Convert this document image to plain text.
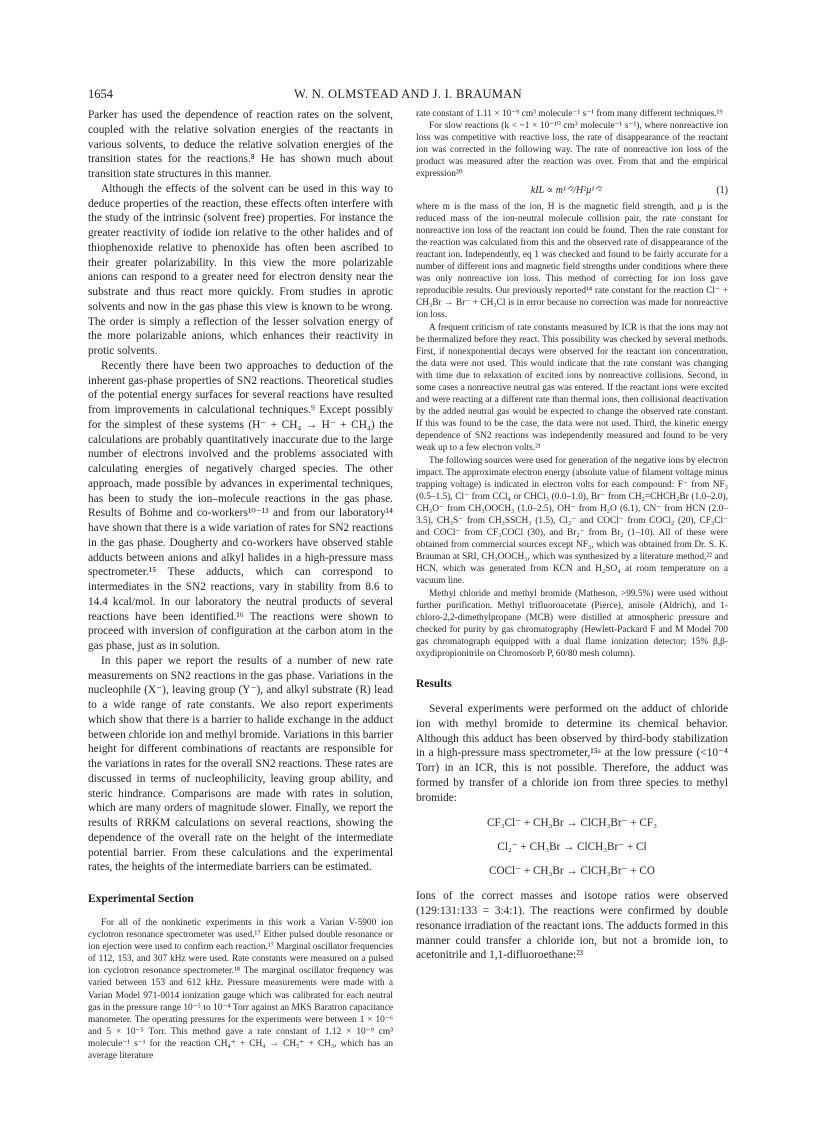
1654	W. N. OLMSTEAD AND J. I. BRAUMAN

Parker has used the dependence of reaction rates on the solvent, coupled with the relative solvation energies of the reactants in various solvents, to deduce the relative solvation energies of the transition states for the reactions.⁸ He has shown much about transition state structures in this manner.

Although the effects of the solvent can be used in this way to deduce properties of the reaction, these effects often interfere with the study of the intrinsic (solvent free) properties. For instance the greater reactivity of iodide ion relative to the other halides and of thiophenoxide relative to phenoxide has often been ascribed to their greater polarizability. In this view the more polarizable anions can respond to a greater need for electron density near the substrate and thus react more quickly. From studies in aprotic solvents and now in the gas phase this view is known to be wrong. The order is simply a reflection of the lesser solvation energy of the more polarizable anions, which enhances their reactivity in protic solvents.

Recently there have been two approaches to deduction of the inherent gas-phase properties of SN2 reactions. Theoretical studies of the potential energy surfaces for several reactions have resulted from improvements in calculational techniques.⁹ Except possibly for the simplest of these systems (H⁻ + CH₄ → H⁻ + CH₄) the calculations are probably quantitatively inaccurate due to the large number of electrons involved and the problems associated with calculating energies of negatively charged species. The other approach, made possible by advances in experimental techniques, has been to study the ion–molecule reactions in the gas phase. Results of Bohme and co-workers¹⁰⁻¹³ and from our laboratory¹⁴ have shown that there is a wide variation of rates for SN2 reactions in the gas phase. Dougherty and co-workers have observed stable adducts between anions and alkyl halides in a high-pressure mass spectrometer.¹⁵ These adducts, which can correspond to intermediates in the SN2 reactions, vary in stability from 8.6 to 14.4 kcal/mol. In our laboratory the neutral products of several reactions have been identified.¹⁶ The reactions were shown to proceed with inversion of configuration at the carbon atom in the gas phase, just as in solution.

In this paper we report the results of a number of new rate measurements on SN2 reactions in the gas phase. Variations in the nucleophile (X⁻), leaving group (Y⁻), and alkyl substrate (R) lead to a wide range of rate constants. We also report experiments which show that there is a barrier to halide exchange in the adduct between chloride ion and methyl bromide. Variations in this barrier height for different combinations of reactants are responsible for the variations in rates for the overall SN2 reactions. These rates are discussed in terms of nucleophilicity, leaving group ability, and steric hindrance. Comparisons are made with rates in solution, which are many orders of magnitude slower. Finally, we report the results of RRKM calculations on several reactions, showing the dependence of the overall rate on the height of the intermediate potential barrier. From these calculations and the experimental rates, the heights of the intermediate barriers can be estimated.

Experimental Section

For all of the nonkinetic experiments in this work a Varian V-5900 ion cyclotron resonance spectrometer was used.¹⁷ Either pulsed double resonance or ion ejection were used to confirm each reaction.¹⁷ Marginal oscillator frequencies of 112, 153, and 307 kHz were used. Rate constants were measured on a pulsed ion cyclotron resonance spectrometer.¹⁸ The marginal oscillator frequency was varied between 153 and 612 kHz. Pressure measurements were made with a Varian Model 971-0014 ionization gauge which was calibrated for each neutral gas in the pressure range 10⁻⁵ to 10⁻⁴ Torr against an MKS Baratron capacitance manometer. The operating pressures for the experiments were between 1 × 10⁻⁶ and 5 × 10⁻⁵ Torr. This method gave a rate constant of 1.12 × 10⁻⁹ cm³ molecule⁻¹ s⁻¹ for the reaction CH₄⁺ + CH₄ → CH₅⁺ + CH₃, which has an average literature

rate constant of 1.11 × 10⁻⁹ cm³ molecule⁻¹ s⁻¹ from many different techniques.¹⁹

For slow reactions (k < ~1 × 10⁻¹⁰ cm³ molecule⁻¹ s⁻¹), where nonreactive ion loss was competitive with reactive loss, the rate of disappearance of the reactant ion was corrected in the following way. The rate of nonreactive ion loss of the product was measured after the reaction was over. From that and the empirical expression²⁰

kIL ∝ m¹ᐟ²/H²μ¹ᐟ²	(1)

where m is the mass of the ion, H is the magnetic field strength, and μ is the reduced mass of the ion-neutral molecule collision pair, the rate constant for nonreactive ion loss of the reactant ion could be found. Then the rate constant for the reaction was calculated from this and the observed rate of disappearance of the reactant ion. Independently, eq 1 was checked and found to be fairly accurate for a number of different ions and magnetic field strengths under conditions where there was only nonreactive ion loss. This method of correcting for ion loss gave reproducible results. Our previously reported¹⁴ rate constant for the reaction Cl⁻ + CH₃Br → Br⁻ + CH₃Cl is in error because no correction was made for nonreactive ion loss.

A frequent criticism of rate constants measured by ICR is that the ions may not be thermalized before they react. This possibility was checked by several methods. First, if nonexponential decays were observed for the reactant ion concentration, the data were not used. This would indicate that the rate constant was changing with time due to relaxation of excited ions by nonreactive collisions. Second, in some cases a nonreactive neutral gas was entered. If the reactant ions were excited and were reacting at a different rate than thermal ions, then collisional deactivation by the added neutral gas would be expected to change the observed rate constant. If this was found to be the case, the data were not used. Third, the kinetic energy dependence of SN2 reactions was independently measured and found to be very weak up to a few electron volts.²¹

The following sources were used for generation of the negative ions by electron impact. The approximate electron energy (absolute value of filament voltage minus trapping voltage) is indicated in electron volts for each compound: F⁻ from NF₃ (0.5–1.5), Cl⁻ from CCl₄ or CHCl₃ (0.0–1.0), Br⁻ from CH₂=CHCH₂Br (1.0–2.0), CH₃O⁻ from CH₃OOCH₃ (1.0–2.5), OH⁻ from H₂O (6.1), CN⁻ from HCN (2.0–3.5), CH₃S⁻ from CH₃SSCH₃ (1.5), Cl₂⁻ and COCl⁻ from COCl₂ (20), CF₃Cl⁻ and COCl⁻ from CF₃COCl (30), and Br₂⁻ from Br₂ (1–10). All of these were obtained from commercial sources except NF₃, which was obtained from Dr. S. K. Brauman at SRI, CH₃OOCH₃, which was synthesized by a literature method,²² and HCN, which was generated from KCN and H₂SO₄ at room temperature on a vacuum line.

Methyl chloride and methyl bromide (Matheson, >99.5%) were used without further purification. Methyl trifluoroacetate (Pierce), anisole (Aldrich), and 1-chloro-2,2-dimethylpropane (MCB) were distilled at atmospheric pressure and checked for purity by gas chromatography (Hewlett-Packard F and M Model 700 gas chromatograph equipped with a dual flame ionization detector; 15% β,β-oxydipropionitrile on Chromosorb P, 60/80 mesh column).

Results

Several experiments were performed on the adduct of chloride ion with methyl bromide to determine its chemical behavior. Although this adduct has been observed by third-body stabilization in a high-pressure mass spectrometer,¹⁵ᵃ at the low pressure (<10⁻⁴ Torr) in an ICR, this is not possible. Therefore, the adduct was formed by transfer of a chloride ion from three species to methyl bromide:

CF₃Cl⁻ + CH₃Br → ClCH₃Br⁻ + CF₃
Cl₂⁻ + CH₃Br → ClCH₃Br⁻ + Cl
COCl⁻ + CH₃Br → ClCH₃Br⁻ + CO

Ions of the correct masses and isotope ratios were observed (129:131:133 = 3:4:1). The reactions were confirmed by double resonance irradiation of the reactant ions. The adducts formed in this manner could transfer a chloride ion, but not a bromide ion, to acetonitrile and 1,1-difluoroethane:²³
